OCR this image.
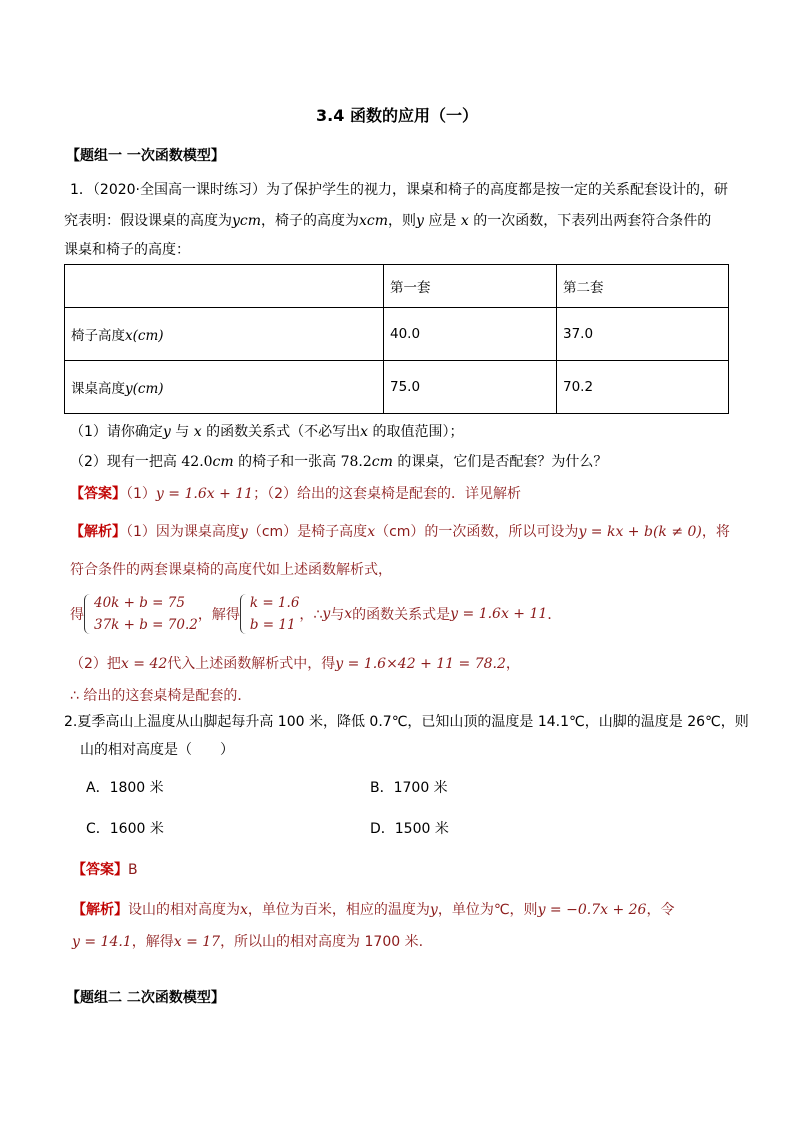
3.4 函数的应用（一）
【题组一 一次函数模型】
1．（2020·全国高一课时练习）为了保护学生的视力，课桌和椅子的高度都是按一定的关系配套设计的，研
究表明：假设课桌的高度为ycm，椅子的高度为xcm，则y 应是 x 的一次函数，下表列出两套符合条件的
课桌和椅子的高度：
	第一套	第二套
椅子高度x(cm)	40.0	37.0
课桌高度y(cm)	75.0	70.2
（1）请你确定y 与 x 的函数关系式（不必写出x 的取值范围）；
（2）现有一把高 42.0cm 的椅子和一张高 78.2cm 的课桌，它们是否配套？为什么？
【答案】（1）y = 1.6x + 11；（2）给出的这套桌椅是配套的．详见解析
【解析】（1）因为课桌高度y（cm）是椅子高度x（cm）的一次函数，所以可设为y = kx + b(k ≠ 0)，将
符合条件的两套课桌椅的高度代如上述函数解析式，
得40k + b = 75
37k + b = 70.2，解得k = 1.6
b = 11，∴y与x的函数关系式是y = 1.6x + 11．
（2）把x = 42代入上述函数解析式中，得y = 1.6×42 + 11 = 78.2，
∴ 给出的这套桌椅是配套的．
2.夏季高山上温度从山脚起每升高 100 米，降低 0.7℃，已知山顶的温度是 14.1℃，山脚的温度是 26℃，则
山的相对高度是（　　）
A．1800 米	B．1700 米
C．1600 米	D．1500 米
【答案】B
【解析】设山的相对高度为x，单位为百米，相应的温度为y，单位为℃，则y = −0.7x + 26，令
y = 14.1，解得x = 17，所以山的相对高度为 1700 米.
【题组二 二次函数模型】
